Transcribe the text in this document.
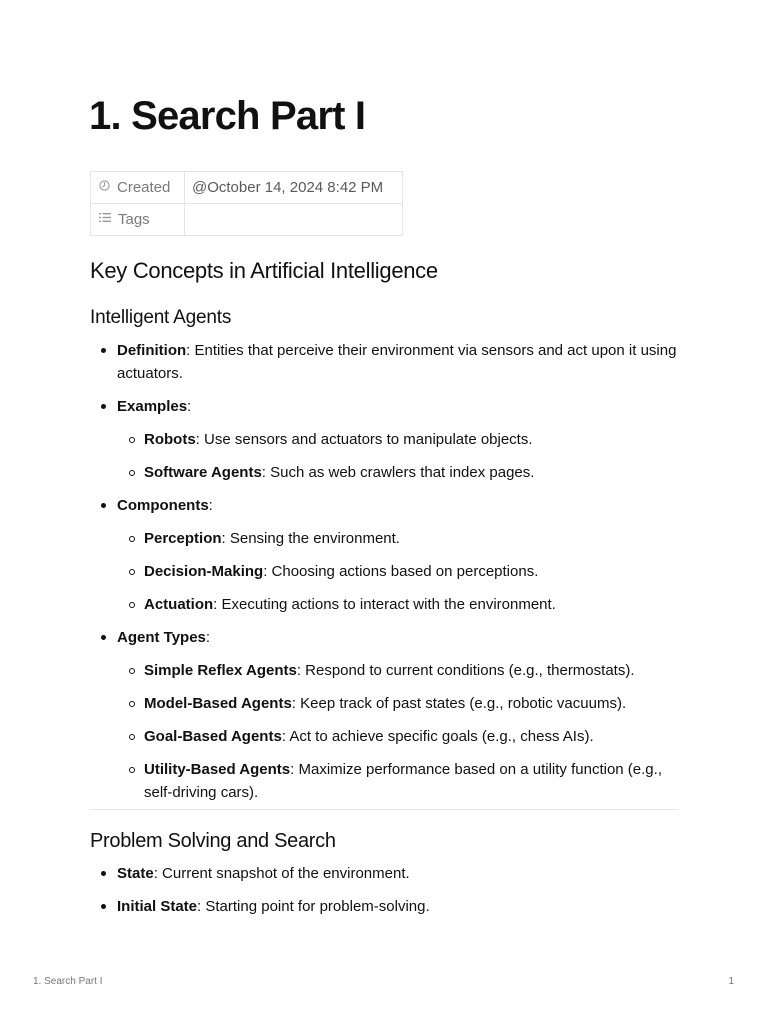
1. Search Part I
Created	@October 14, 2024 8:42 PM
Tags	
Key Concepts in Artificial Intelligence
Intelligent Agents
Definition: Entities that perceive their environment via sensors and act upon it using actuators.
Examples:
Robots: Use sensors and actuators to manipulate objects.
Software Agents: Such as web crawlers that index pages.
Components:
Perception: Sensing the environment.
Decision-Making: Choosing actions based on perceptions.
Actuation: Executing actions to interact with the environment.
Agent Types:
Simple Reflex Agents: Respond to current conditions (e.g., thermostats).
Model-Based Agents: Keep track of past states (e.g., robotic vacuums).
Goal-Based Agents: Act to achieve specific goals (e.g., chess AIs).
Utility-Based Agents: Maximize performance based on a utility function (e.g., self-driving cars).
Problem Solving and Search
State: Current snapshot of the environment.
Initial State: Starting point for problem-solving.
1. Search Part I	1
